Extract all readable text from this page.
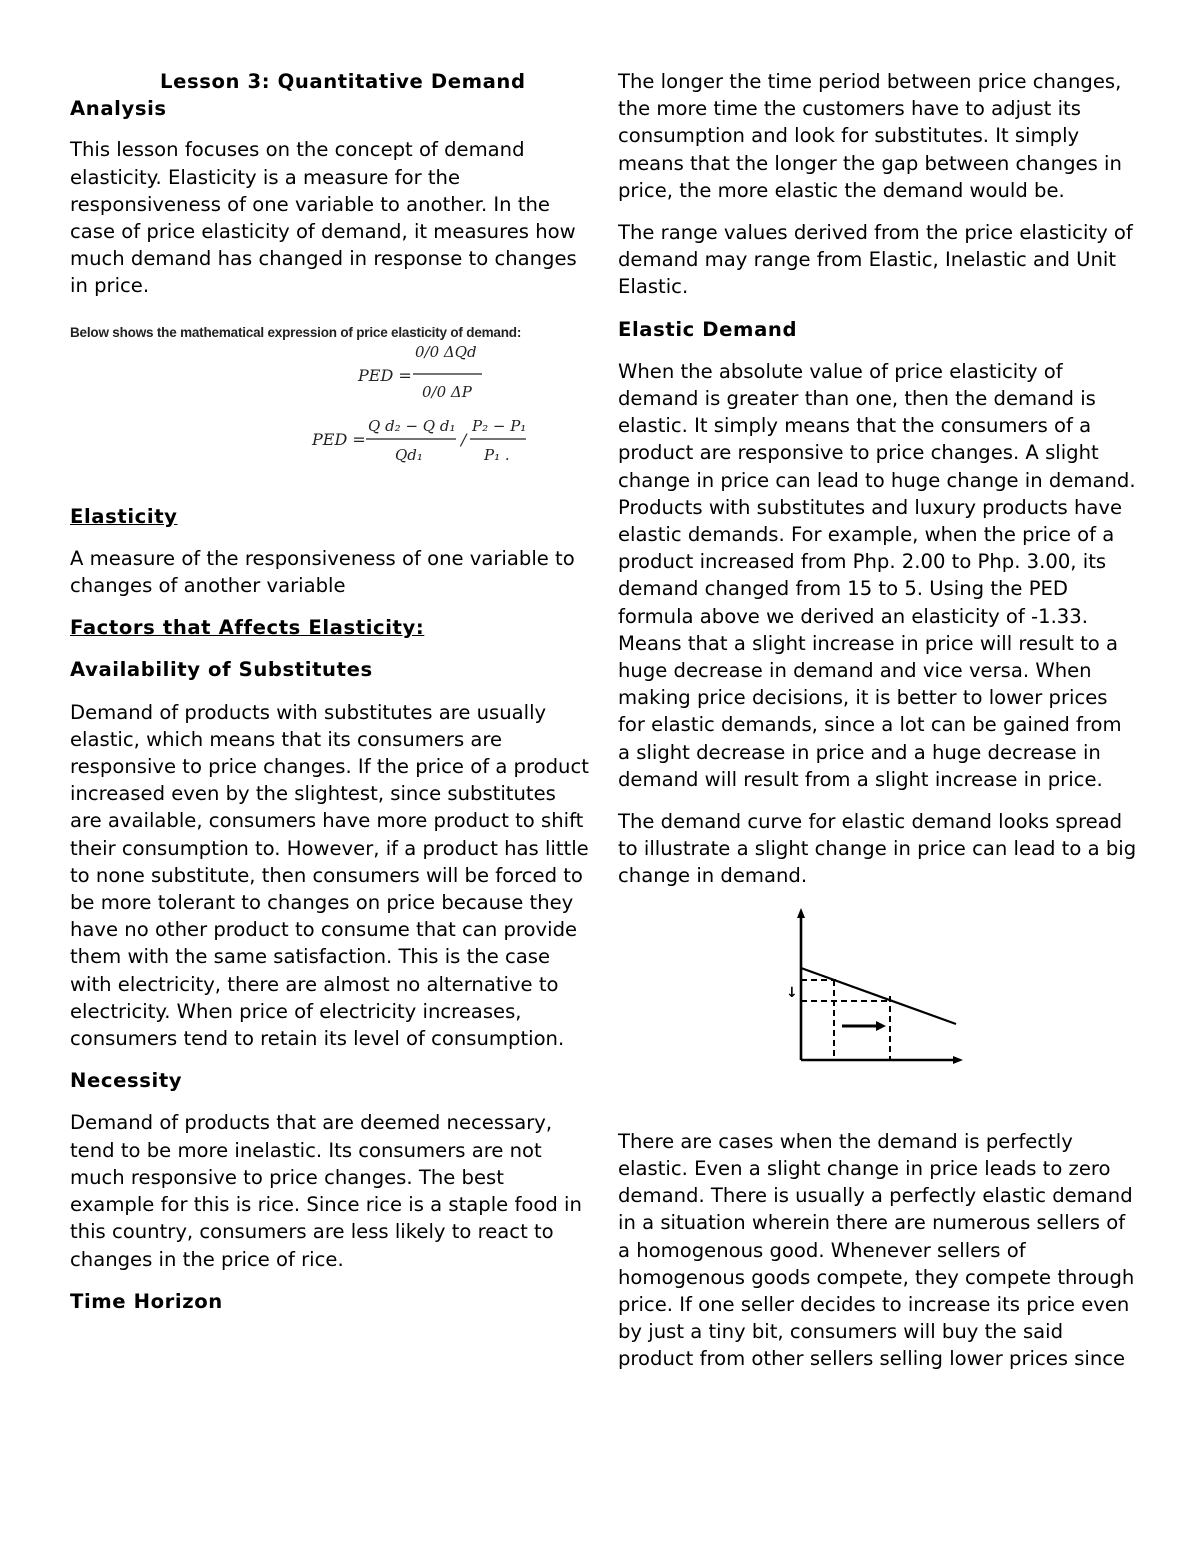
Lesson 3: Quantitative Demand
Analysis

This lesson focuses on the concept of demand elasticity. Elasticity is a measure for the responsiveness of one variable to another. In the case of price elasticity of demand, it measures how much demand has changed in response to changes in price.

Below shows the mathematical expression of price elasticity of demand:
PED =
0/0 ΔQd
0/0 ΔP
PED =
Q d₂ − Q d₁
Qd₁
/
P₂ − P₁
P₁ .
Elasticity

A measure of the responsiveness of one variable to changes of another variable

Factors that Affects Elasticity:
Availability of Substitutes

Demand of products with substitutes are usually elastic, which means that its consumers are responsive to price changes. If the price of a product increased even by the slightest, since substitutes are available, consumers have more product to shift their consumption to. However, if a product has little to none substitute, then consumers will be forced to be more tolerant to changes on price because they have no other product to consume that can provide them with the same satisfaction. This is the case with electricity, there are almost no alternative to electricity. When price of electricity increases, consumers tend to retain its level of consumption.

Necessity

Demand of products that are deemed necessary, tend to be more inelastic. Its consumers are not much responsive to price changes. The best example for this is rice. Since rice is a staple food in this country, consumers are less likely to react to changes in the price of rice.

Time Horizon

The longer the time period between price changes, the more time the customers have to adjust its consumption and look for substitutes. It simply means that the longer the gap between changes in price, the more elastic the demand would be.

The range values derived from the price elasticity of demand may range from Elastic, Inelastic and Unit Elastic.

Elastic Demand

When the absolute value of price elasticity of demand is greater than one, then the demand is elastic. It simply means that the consumers of a product are responsive to price changes. A slight change in price can lead to huge change in demand. Products with substitutes and luxury products have elastic demands. For example, when the price of a product increased from Php. 2.00 to Php. 3.00, its demand changed from 15 to 5. Using the PED formula above we derived an elasticity of -1.33. Means that a slight increase in price will result to a huge decrease in demand and vice versa. When making price decisions, it is better to lower prices for elastic demands, since a lot can be gained from a slight decrease in price and a huge decrease in demand will result from a slight increase in price.

The demand curve for elastic demand looks spread to illustrate a slight change in price can lead to a big change in demand.

↓

There are cases when the demand is perfectly elastic. Even a slight change in price leads to zero demand. There is usually a perfectly elastic demand in a situation wherein there are numerous sellers of a homogenous good. Whenever sellers of homogenous goods compete, they compete through price. If one seller decides to increase its price even by just a tiny bit, consumers will buy the said product from other sellers selling lower prices since
